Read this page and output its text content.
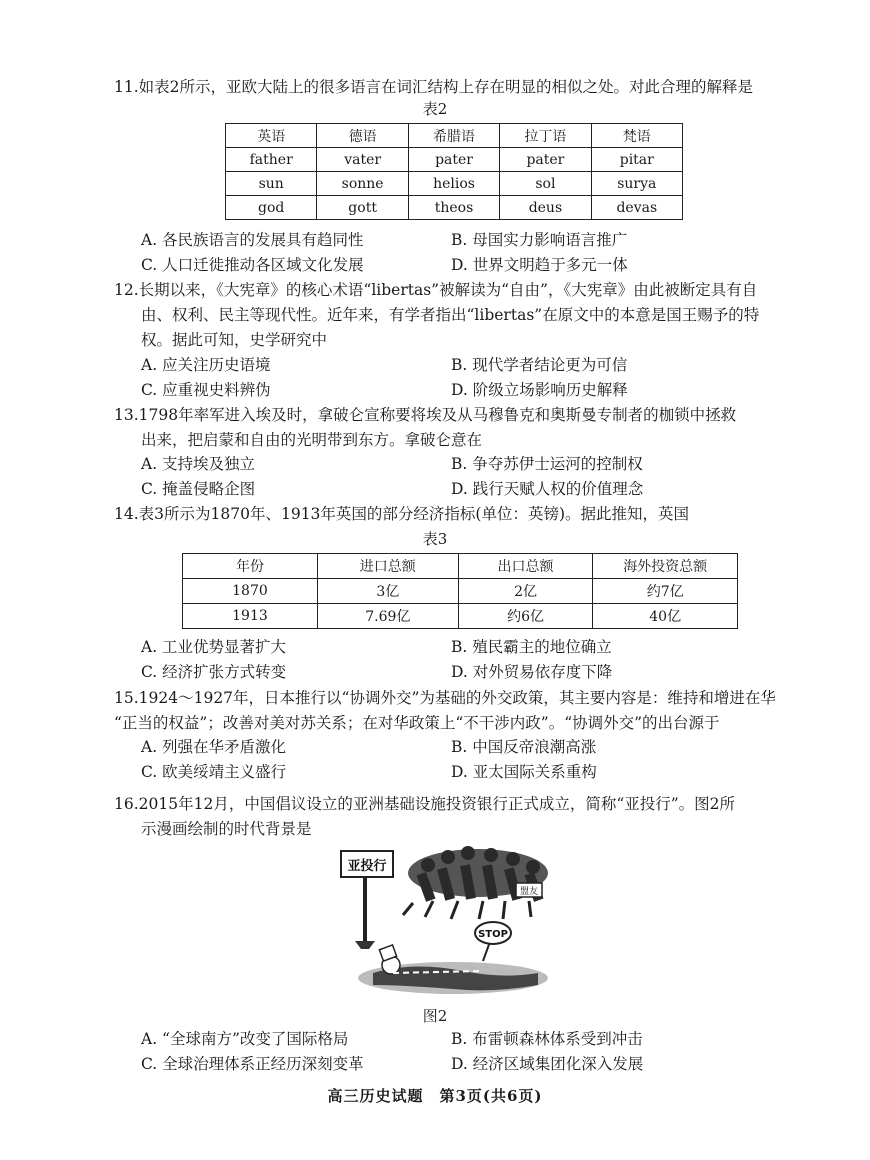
11.如表2所示，亚欧大陆上的很多语言在词汇结构上存在明显的相似之处。对此合理的解释是
表2
英语	德语	希腊语	拉丁语	梵语
father	vater	pater	pater	pitar
sun	sonne	helios	sol	surya
god	gott	theos	deus	devas
A. 各民族语言的发展具有趋同性	B. 母国实力影响语言推广
C. 人口迁徙推动各区域文化发展	D. 世界文明趋于多元一体
12.长期以来，《大宪章》的核心术语“libertas”被解读为“自由”，《大宪章》由此被断定具有自
由、权利、民主等现代性。近年来，有学者指出“libertas”在原文中的本意是国王赐予的特
权。据此可知，史学研究中
A. 应关注历史语境	B. 现代学者结论更为可信
C. 应重视史料辨伪	D. 阶级立场影响历史解释
13.1798年率军进入埃及时，拿破仑宣称要将埃及从马穆鲁克和奥斯曼专制者的枷锁中拯救
出来，把启蒙和自由的光明带到东方。拿破仑意在
A. 支持埃及独立	B. 争夺苏伊士运河的控制权
C. 掩盖侵略企图	D. 践行天赋人权的价值理念
14.表3所示为1870年、1913年英国的部分经济指标(单位：英镑)。据此推知，英国
表3
年份	进口总额	出口总额	海外投资总额
1870	3亿	2亿	约7亿
1913	7.69亿	约6亿	40亿
A. 工业优势显著扩大	B. 殖民霸主的地位确立
C. 经济扩张方式转变	D. 对外贸易依存度下降
15.1924～1927年，日本推行以“协调外交”为基础的外交政策，其主要内容是：维持和增进在华
“正当的权益”；改善对美对苏关系；在对华政策上“不干涉内政”。“协调外交”的出台源于
A. 列强在华矛盾激化	B. 中国反帝浪潮高涨
C. 欧美绥靖主义盛行	D. 亚太国际关系重构
16.2015年12月，中国倡议设立的亚洲基础设施投资银行正式成立，简称“亚投行”。图2所
示漫画绘制的时代背景是
亚投行
盟友
STOP
图2
A. “全球南方”改变了国际格局	B. 布雷顿森林体系受到冲击
C. 全球治理体系正经历深刻变革	D. 经济区域集团化深入发展
高三历史试题　第3页(共6页)
